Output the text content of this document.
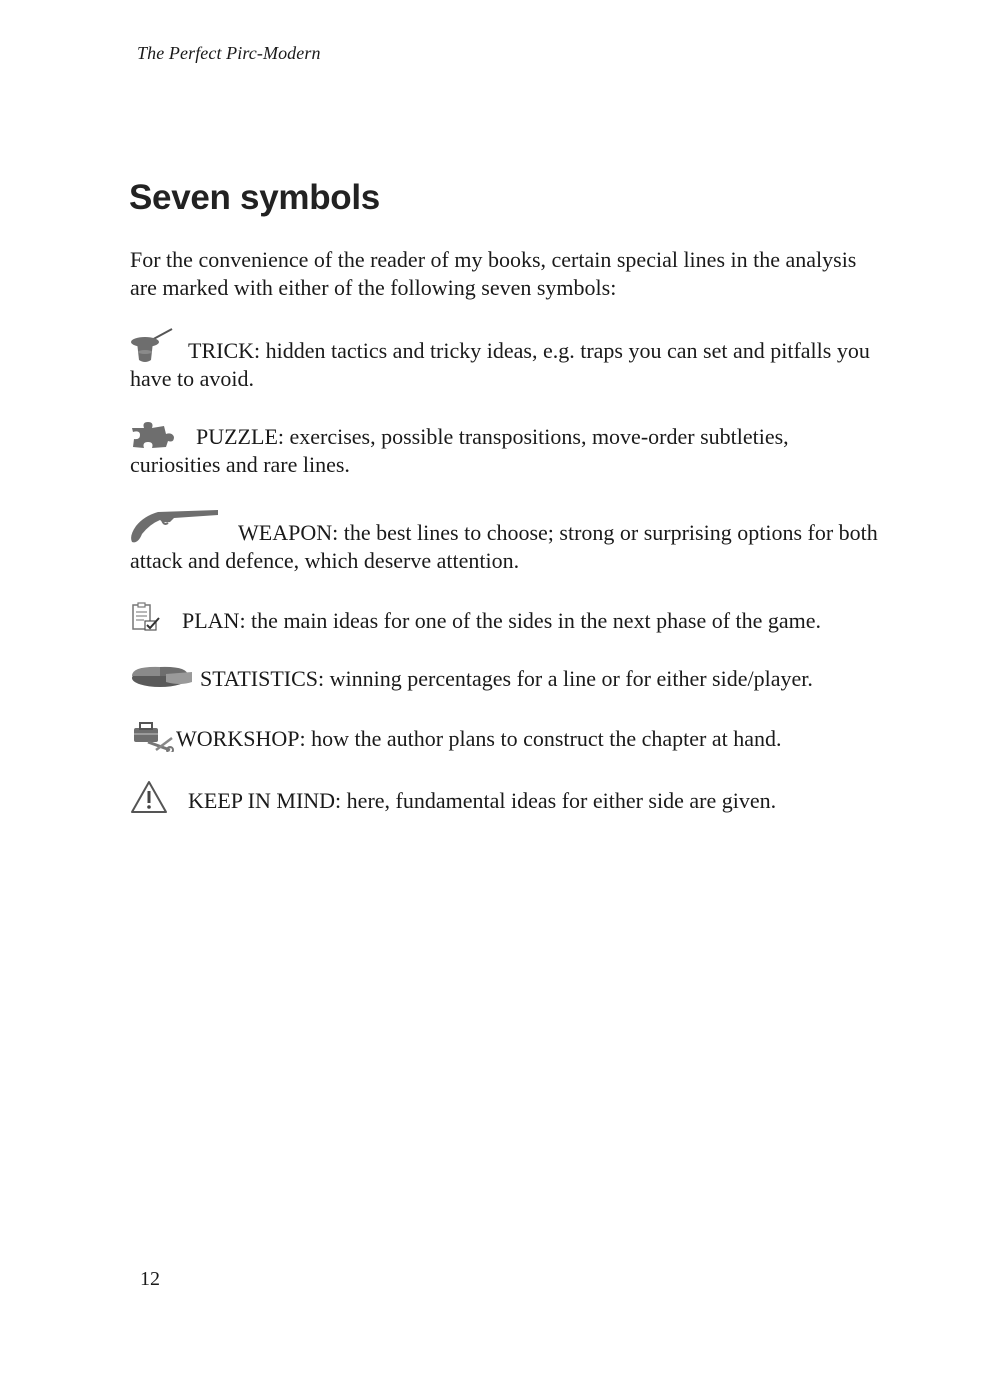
The Perfect Pirc-Modern
Seven symbols

For the convenience of the reader of my books, certain special lines in the analysis are marked with either of the following seven symbols:

TRICK: hidden tactics and tricky ideas, e.g. traps you can set and pitfalls you have to avoid.

PUZZLE: exercises, possible transpositions, move-order subtleties, curiosities and rare lines.

WEAPON: the best lines to choose; strong or surprising options for both attack and defence, which deserve attention.

PLAN: the main ideas for one of the sides in the next phase of the game.

STATISTICS: winning percentages for a line or for either side/player.

WORKSHOP: how the author plans to construct the chapter at hand.

KEEP IN MIND: here, fundamental ideas for either side are given.

12
